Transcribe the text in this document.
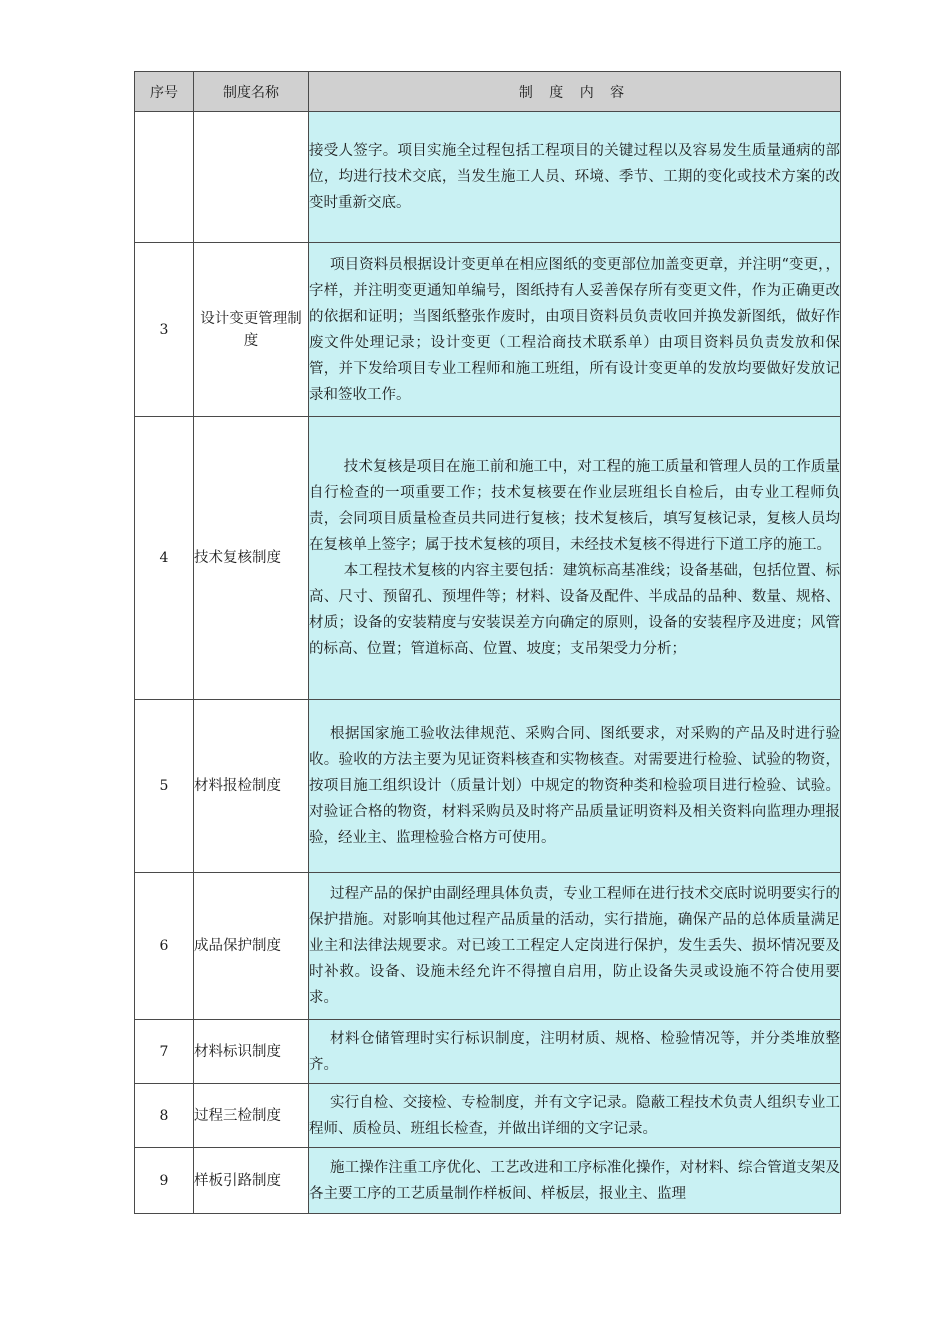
序号	制度名称	制 度 内 容

		接受人签字。项目实施全过程包括工程项目的关键过程以及容易发生质量通病的部位，均进行技术交底，当发生施工人员、环境、季节、工期的变化或技术方案的改变时重新交底。

3	设计变更管理制度	项目资料员根据设计变更单在相应图纸的变更部位加盖变更章，并注明“变更，，字样，并注明变更通知单编号，图纸持有人妥善保存所有变更文件，作为正确更改的依据和证明；当图纸整张作废时，由项目资料员负责收回并换发新图纸，做好作废文件处理记录；设计变更（工程洽商技术联系单）由项目资料员负责发放和保管，并下发给项目专业工程师和施工班组，所有设计变更单的发放均要做好发放记录和签收工作。

4	技术复核制度	技术复核是项目在施工前和施工中，对工程的施工质量和管理人员的工作质量自行检查的一项重要工作；技术复核要在作业层班组长自检后，由专业工程师负责，会同项目质量检查员共同进行复核；技术复核后，填写复核记录，复核人员均在复核单上签字；属于技术复核的项目，未经技术复核不得进行下道工序的施工。

本工程技术复核的内容主要包括：建筑标高基准线；设备基础，包括位置、标高、尺寸、预留孔、预埋件等；材料、设备及配件、半成品的品种、数量、规格、材质；设备的安装精度与安装误差方向确定的原则，设备的安装程序及进度；风管的标高、位置；管道标高、位置、坡度；支吊架受力分析；

5	材料报检制度	根据国家施工验收法律规范、采购合同、图纸要求，对采购的产品及时进行验收。验收的方法主要为见证资料核查和实物核查。对需要进行检验、试验的物资，按项目施工组织设计（质量计划）中规定的物资种类和检验项目进行检验、试验。对验证合格的物资，材料采购员及时将产品质量证明资料及相关资料向监理办理报验，经业主、监理检验合格方可使用。

6	成品保护制度	过程产品的保护由副经理具体负责，专业工程师在进行技术交底时说明要实行的保护措施。对影响其他过程产品质量的活动，实行措施，确保产品的总体质量满足业主和法律法规要求。对已竣工工程定人定岗进行保护，发生丢失、损坏情况要及时补救。设备、设施未经允许不得擅自启用，防止设备失灵或设施不符合使用要求。

7	材料标识制度	材料仓储管理时实行标识制度，注明材质、规格、检验情况等，并分类堆放整齐。

8	过程三检制度	实行自检、交接检、专检制度，并有文字记录。隐蔽工程技术负责人组织专业工程师、质检员、班组长检查，并做出详细的文字记录。

9	样板引路制度	施工操作注重工序优化、工艺改进和工序标准化操作，对材料、综合管道支架及各主要工序的工艺质量制作样板间、样板层，报业主、监理
